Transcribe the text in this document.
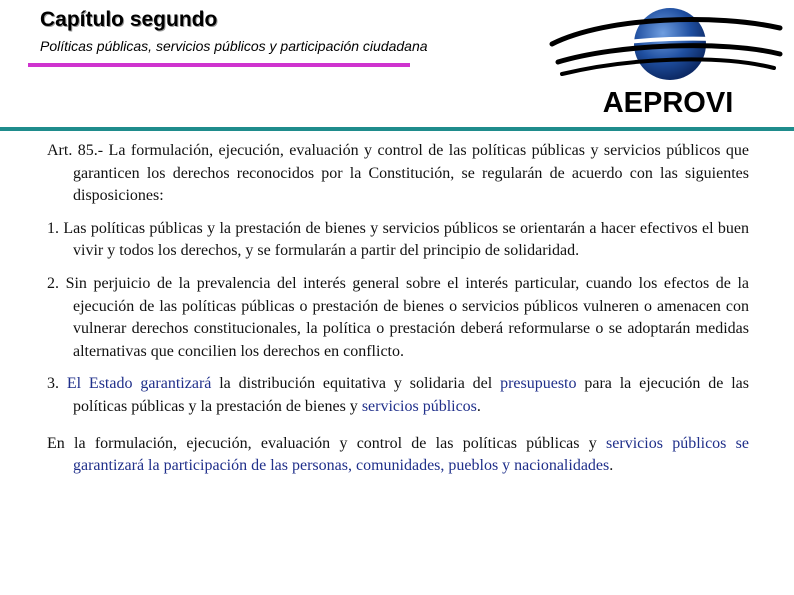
Capítulo segundo
Políticas públicas, servicios públicos y participación ciudadana
AEPROVI

Art. 85.- La formulación, ejecución, evaluación y control de las políticas públicas y servicios públicos que garanticen los derechos reconocidos por la Constitución, se regularán de acuerdo con las siguientes disposiciones:

1. Las políticas públicas y la prestación de bienes y servicios públicos se orientarán a hacer efectivos el buen vivir y todos los derechos, y se formularán a partir del principio de solidaridad.

2. Sin perjuicio de la prevalencia del interés general sobre el interés particular, cuando los efectos de la ejecución de las políticas públicas o prestación de bienes o servicios públicos vulneren o amenacen con vulnerar derechos constitucionales, la política o prestación deberá reformularse o se adoptarán medidas alternativas que concilien los derechos en conflicto.

3. El Estado garantizará la distribución equitativa y solidaria del presupuesto para la ejecución de las políticas públicas y la prestación de bienes y servicios públicos.

En la formulación, ejecución, evaluación y control de las políticas públicas y servicios públicos se garantizará la participación de las personas, comunidades, pueblos y nacionalidades.
